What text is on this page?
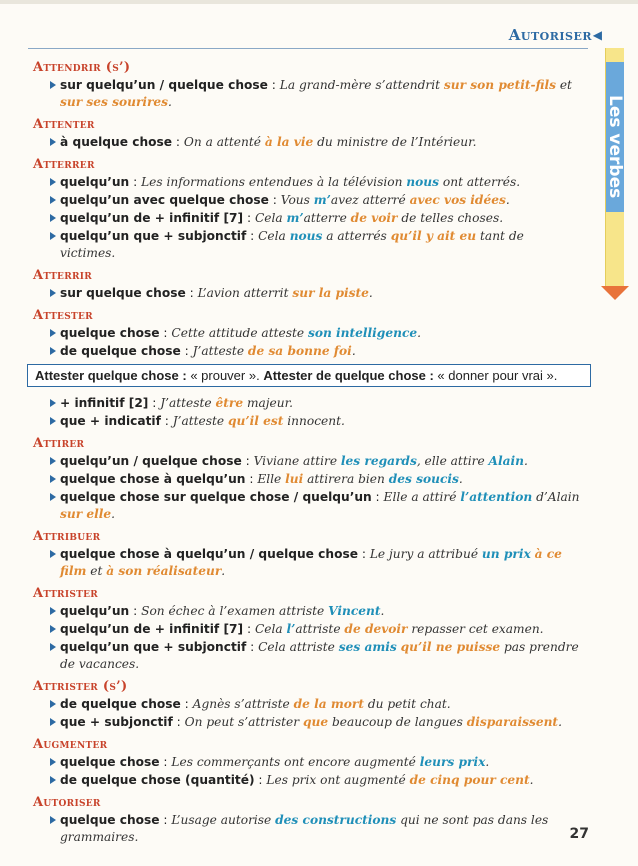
Autoriser ◀
Les verbes
Attendrir (s’)
sur quelqu’un / quelque chose : La grand-mère s’attendrit sur son petit-fils et sur ses sourires.
Attenter
à quelque chose : On a attenté à la vie du ministre de l’Intérieur.
Atterrer
quelqu’un : Les informations entendues à la télévision nous ont atterrés.
quelqu’un avec quelque chose : Vous m’avez atterré avec vos idées.
quelqu’un de + infinitif [7] : Cela m’atterre de voir de telles choses.
quelqu’un que + subjonctif : Cela nous a atterrés qu’il y ait eu tant de victimes.
Atterrir
sur quelque chose : L’avion atterrit sur la piste.
Attester
quelque chose : Cette attitude atteste son intelligence.
de quelque chose : J’atteste de sa bonne foi.
Attester quelque chose : « prouver ». Attester de quelque chose : « donner pour vrai ».
+ infinitif [2] : J’atteste être majeur.
que + indicatif : J’atteste qu’il est innocent.
Attirer
quelqu’un / quelque chose : Viviane attire les regards, elle attire Alain.
quelque chose à quelqu’un : Elle lui attirera bien des soucis.
quelque chose sur quelque chose / quelqu’un : Elle a attiré l’attention d’Alain sur elle.
Attribuer
quelque chose à quelqu’un / quelque chose : Le jury a attribué un prix à ce film et à son réalisateur.
Attrister
quelqu’un : Son échec à l’examen attriste Vincent.
quelqu’un de + infinitif [7] : Cela l’attriste de devoir repasser cet examen.
quelqu’un que + subjonctif : Cela attriste ses amis qu’il ne puisse pas prendre de vacances.
Attrister (s’)
de quelque chose : Agnès s’attriste de la mort du petit chat.
que + subjonctif : On peut s’attrister que beaucoup de langues disparaissent.
Augmenter
quelque chose : Les commerçants ont encore augmenté leurs prix.
de quelque chose (quantité) : Les prix ont augmenté de cinq pour cent.
Autoriser
quelque chose : L’usage autorise des constructions qui ne sont pas dans les grammaires.	27
